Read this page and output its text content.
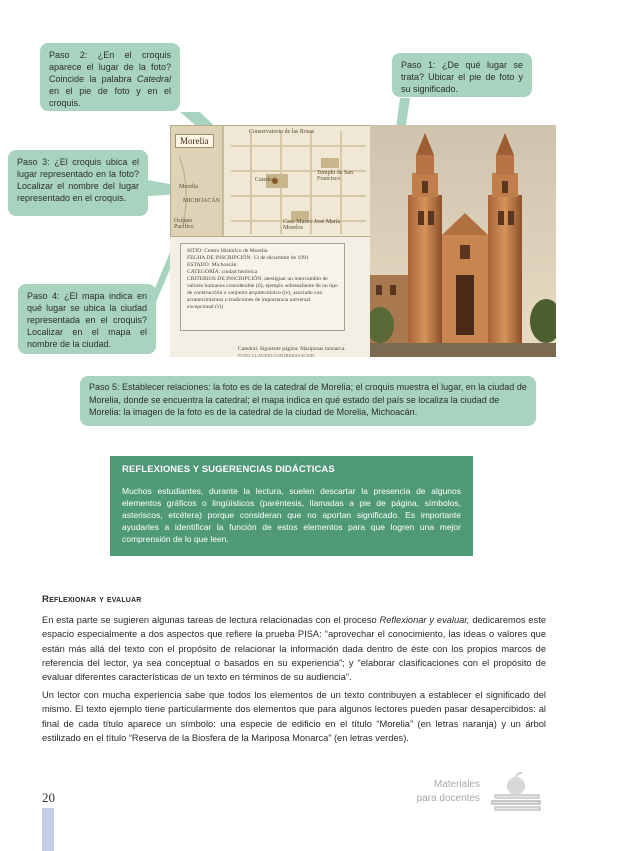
Paso 2: ¿En el croquis aparece el lugar de la foto? Coincide la palabra Catedral en el pie de foto y en el croquis.
Paso 1: ¿De qué lugar se trata? Ubicar el pie de foto y su significado.
Paso 3: ¿El croquis ubica el lugar representado en la foto? Localizar el nombre del lugar representado en el croquis.
Paso 4: ¿El mapa indica en qué lugar se ubica la ciudad representada en el croquis? Localizar en el mapa el nombre de la ciudad.
Morelia
Conservatorio de las Rosas
Catedral
Templo de San Francisco
Morelia
MICHOACÁN
Océano Pacífico
Casa Museo José María Morelos
SITIO: Centro Histórico de Morelia
FECHA DE INSCRIPCIÓN: 13 de diciembre de 1991
ESTADO: Michoacán
CATEGORÍA: ciudad histórica
CRITERIOS DE INSCRIPCIÓN: atestiguar un intercambio de valores humanos considerable (ii), ejemplo sobresaliente de un tipo de construcción o conjunto arquitectónico (iv), asociado con acontecimientos o tradiciones de importancia universal excepcional (vi)
Catedral. Siguiente página: Mariposas monarca.
FOTO: CLAUDIO CONTRERAS KOOB
Paso 5: Establecer relaciones: la foto es de la catedral de Morelia; el croquis muestra el lugar, en la ciudad de Morelia, donde se encuentra la catedral; el mapa indica en qué estado del país se localiza la ciudad de Morelia: la imagen de la foto es de la catedral de la ciudad de Morelia, Michoacán.
REFLEXIONES Y SUGERENCIAS DIDÁCTICAS

Muchos estudiantes, durante la lectura, suelen descartar la presencia de algunos elementos gráficos o lingüísticos (paréntesis, llamadas a pie de página, símbolos, asteriscos, etcétera) porque consideran que no aportan significado. Es importante ayudarles a identificar la función de estos elementos para que logren una mejor comprensión de lo que leen.

Reflexionar y evaluar

En esta parte se sugieren algunas tareas de lectura relacionadas con el proceso Reflexionar y evaluar, dedicaremos este espacio especialmente a dos aspectos que refiere la prueba PISA: “aprovechar el conocimiento, las ideas o valores que están más allá del texto con el propósito de relacionar la información dada dentro de éste con los propios marcos de referencia del lector, ya sea conceptual o basados en su experiencia”; y “elaborar clasificaciones con el propósito de evaluar diferentes características de un texto en términos de su audiencia”.

Un lector con mucha experiencia sabe que todos los elementos de un texto contribuyen a establecer el significado del mismo. El texto ejemplo tiene particularmente dos elementos que para algunos lectores pueden pasar desapercibidos: al final de cada título aparece un símbolo: una especie de edificio en el título “Morelia” (en letras naranja) y un árbol estilizado en el título “Reserva de la Biosfera de la Mariposa Monarca” (en letras verdes).

20
Materiales
para docentes
